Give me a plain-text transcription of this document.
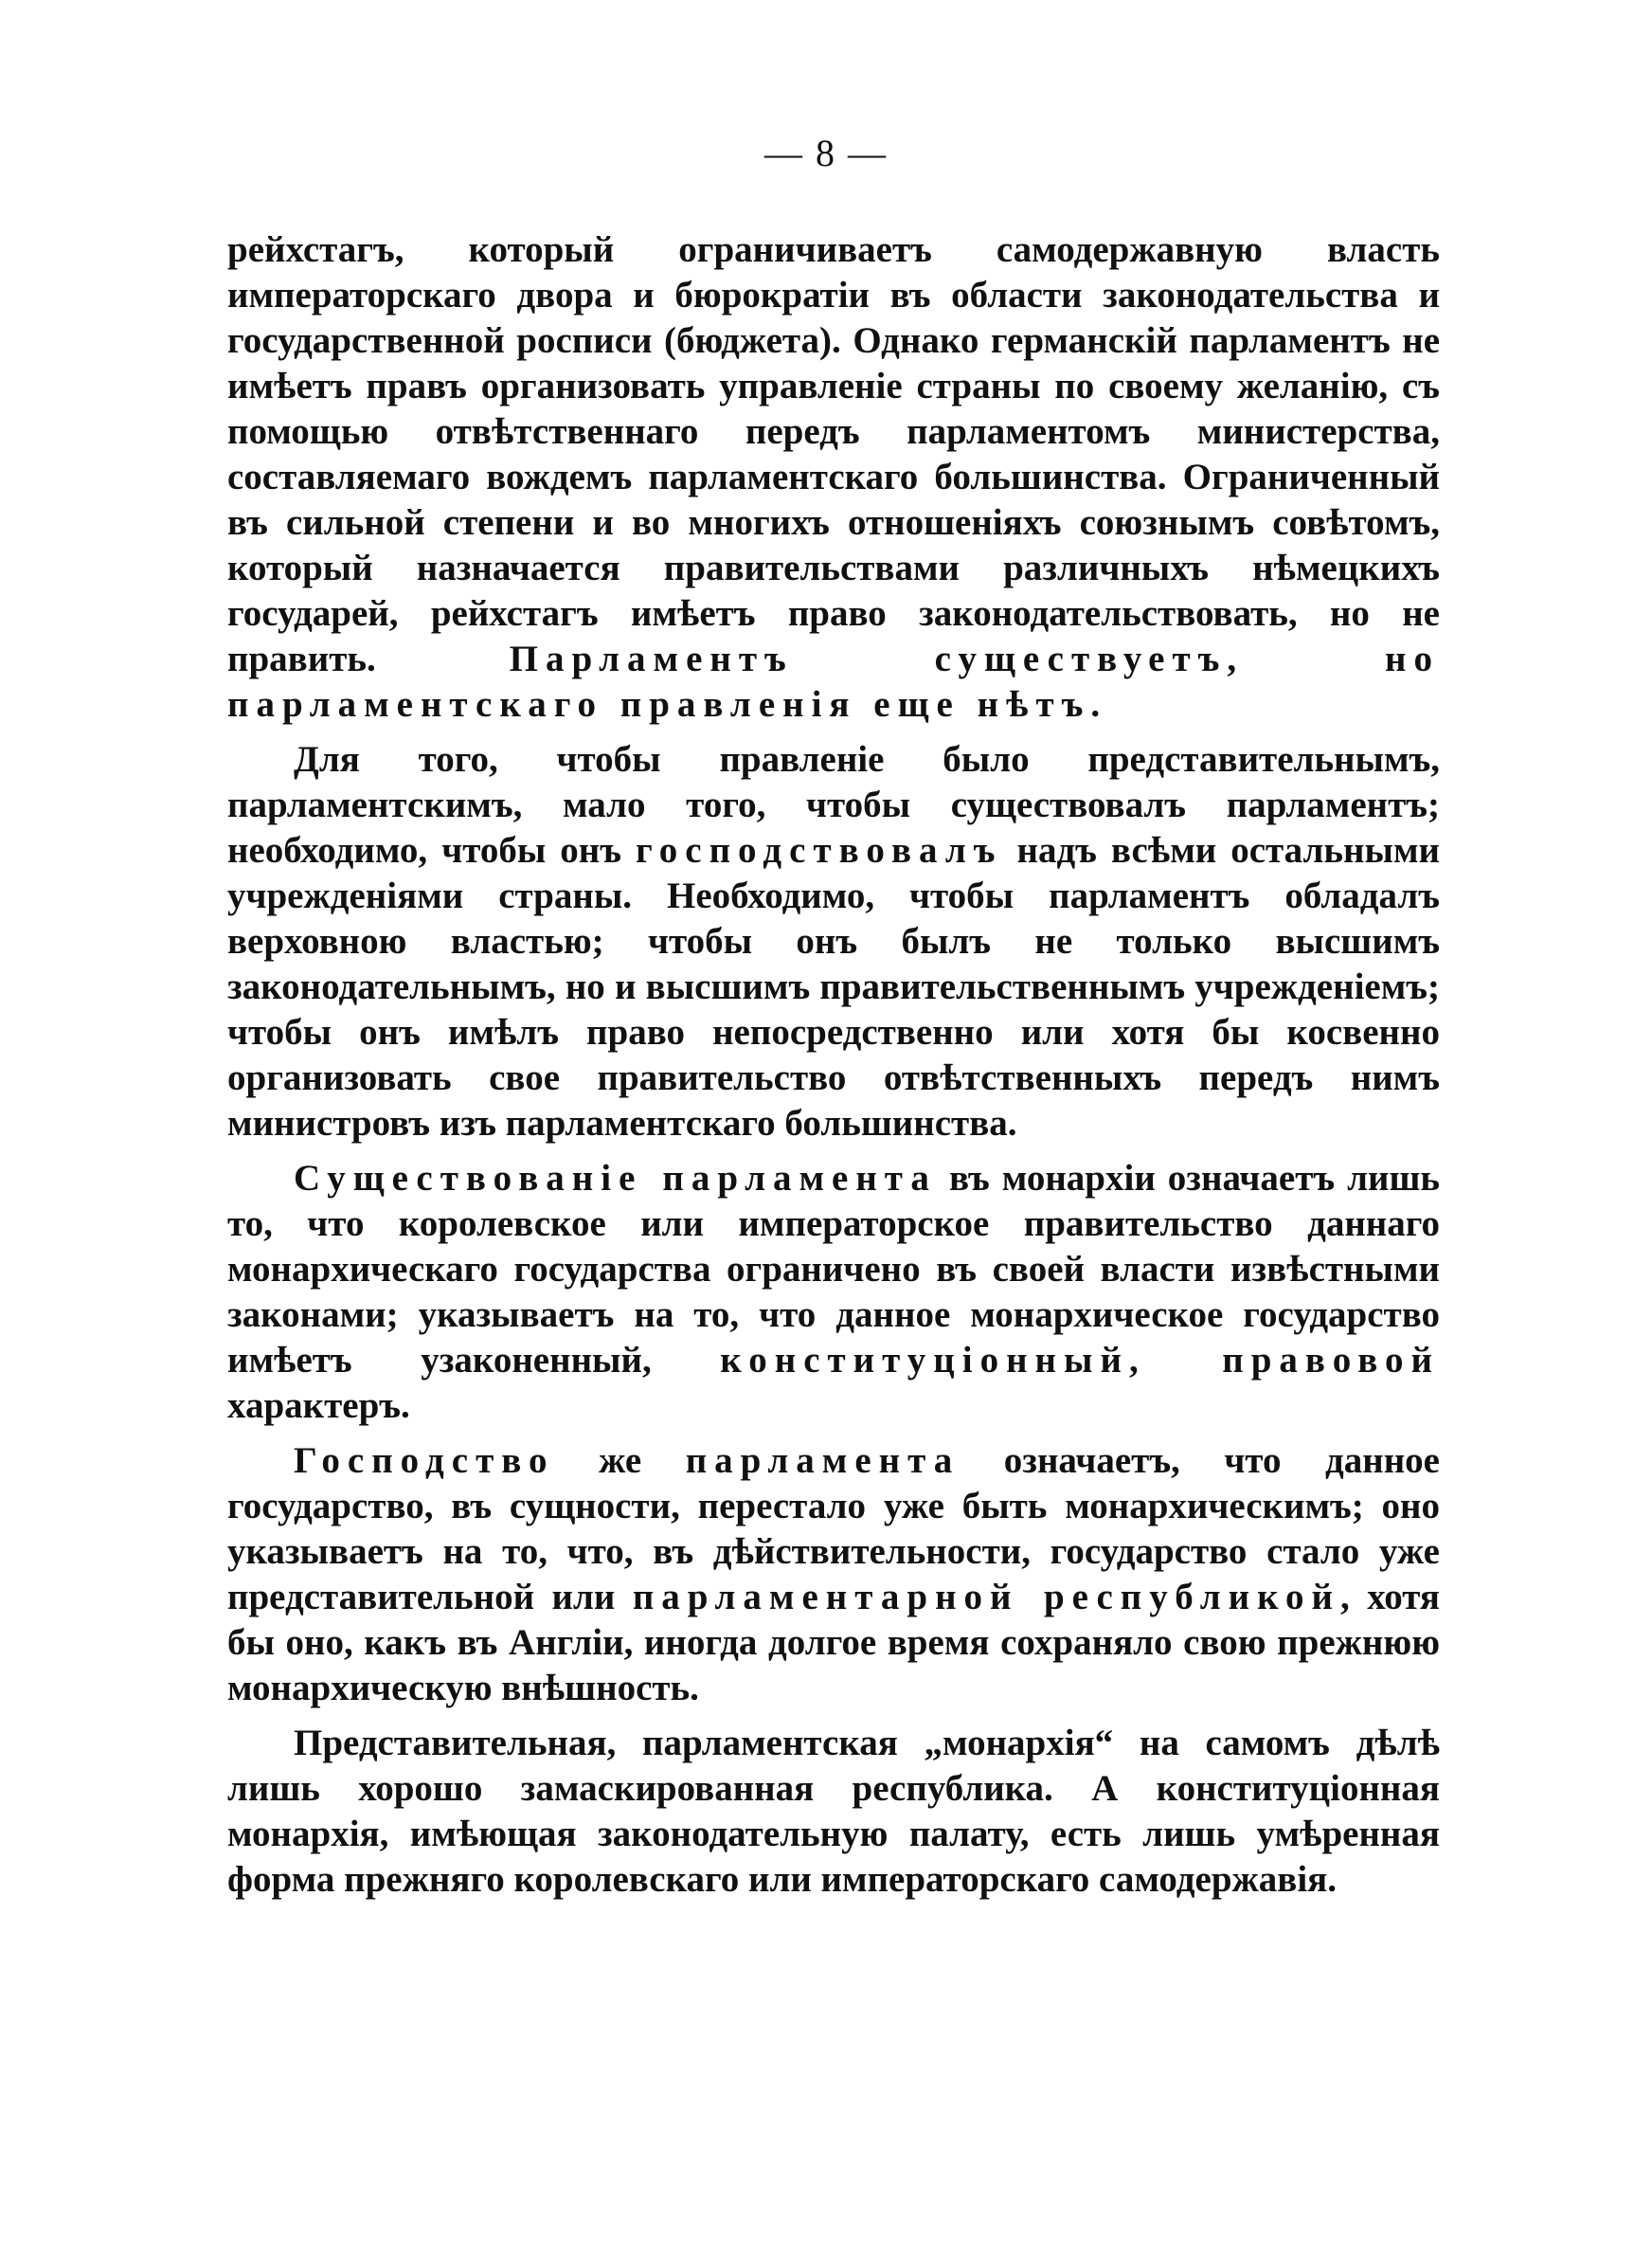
— 8 —

рейхстагъ, который ограничиваетъ самодержавную власть императорскаго двора и бюрократіи въ области законодательства и государственной росписи (бюджета). Однако германскій парламентъ не имѣетъ правъ организовать управленіе страны по своему желанію, съ помощью отвѣтственнаго передъ парламентомъ министерства, составляемаго вождемъ парламентскаго большинства. Ограниченный въ сильной степени и во многихъ отношеніяхъ союзнымъ совѣтомъ, который назначается правительствами различныхъ нѣмецкихъ государей, рейхстагъ имѣетъ право законодательствовать, но не править. Парламентъ существуетъ, но парламентскаго правленія еще нѣтъ.

Для того, чтобы правленіе было представительнымъ, парламентскимъ, мало того, чтобы существовалъ парламентъ; необходимо, чтобы онъ господствовалъ надъ всѣми остальными учрежденіями страны. Необходимо, чтобы парламентъ обладалъ верховною властью; чтобы онъ былъ не только высшимъ законодательнымъ, но и высшимъ правительственнымъ учрежденіемъ; чтобы онъ имѣлъ право непосредственно или хотя бы косвенно организовать свое правительство отвѣтственныхъ передъ нимъ министровъ изъ парламентскаго большинства.

Существованіе парламента въ монархіи означаетъ лишь то, что королевское или императорское правительство даннаго монархическаго государства ограничено въ своей власти извѣстными законами; указываетъ на то, что данное монархическое государство имѣетъ узаконенный, конституціонный, правовой характеръ.

Господство же парламента означаетъ, что данное государство, въ сущности, перестало уже быть монархическимъ; оно указываетъ на то, что, въ дѣйствительности, государство стало уже представительной или парламентарной республикой, хотя бы оно, какъ въ Англіи, иногда долгое время сохраняло свою прежнюю монархическую внѣшность.

Представительная, парламентская „монархія“ на самомъ дѣлѣ лишь хорошо замаскированная республика. А конституціонная монархія, имѣющая законодательную палату, есть лишь умѣренная форма прежняго королевскаго или императорскаго самодержавія.
